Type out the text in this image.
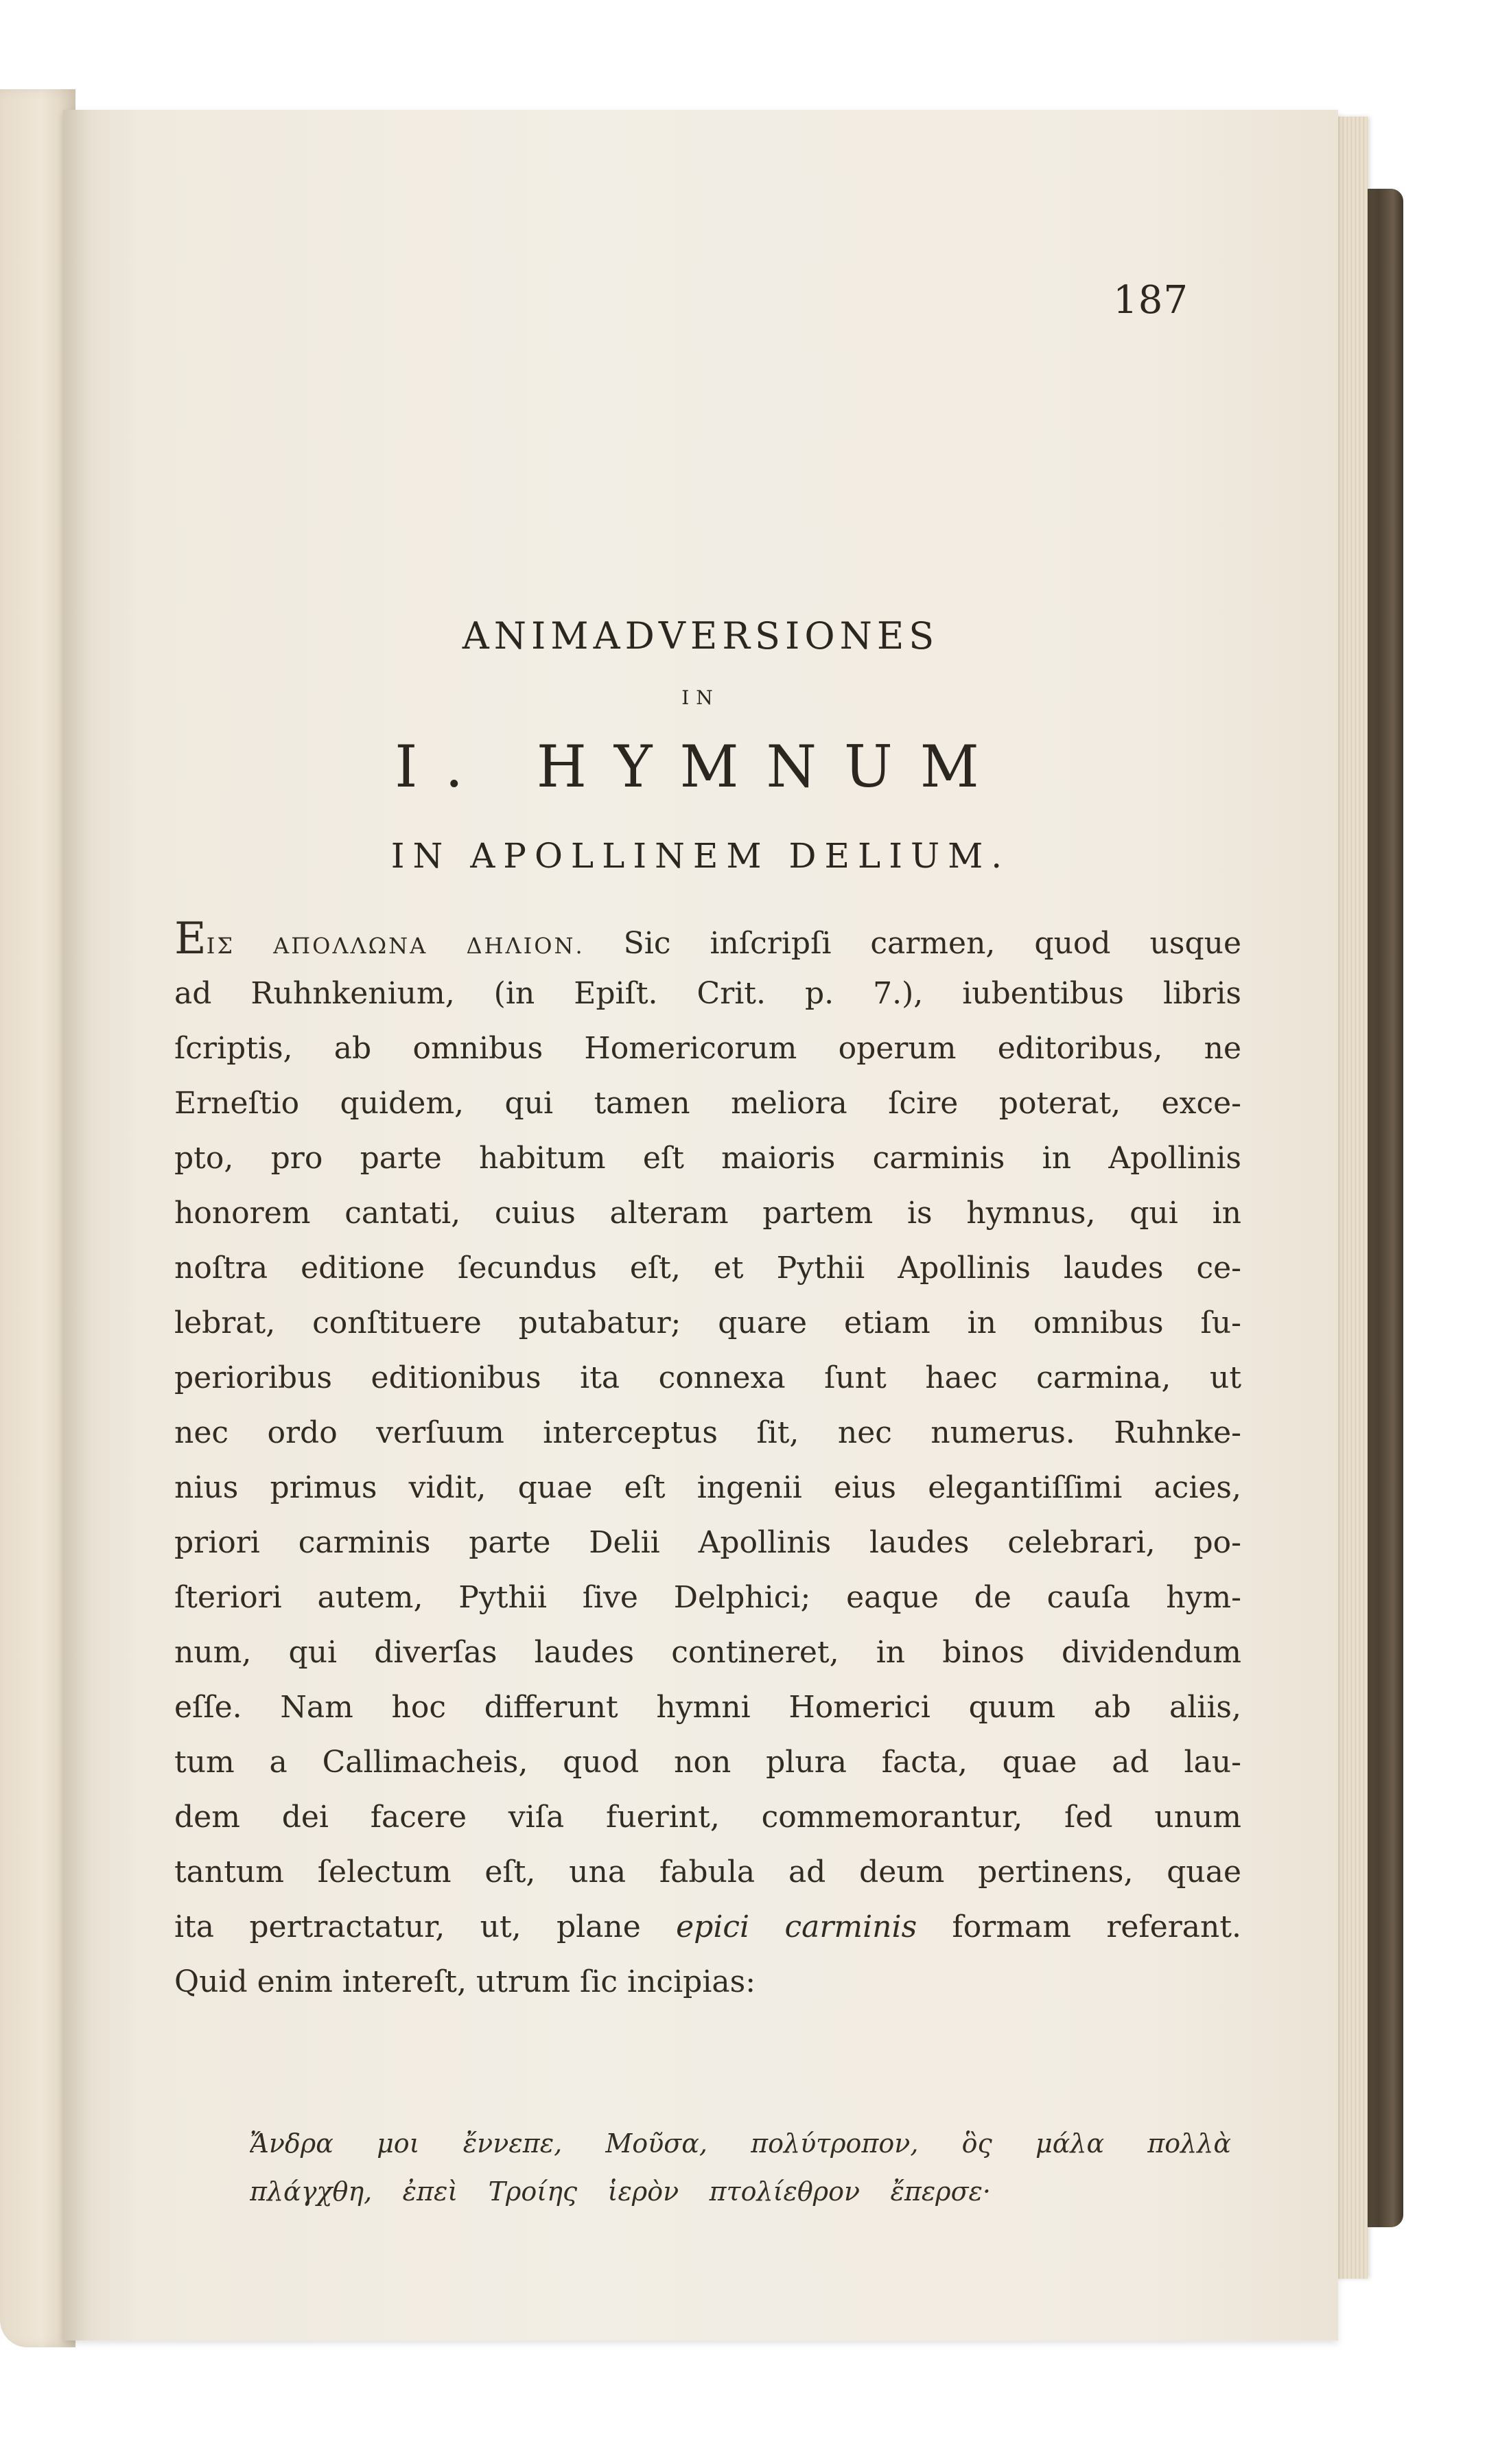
187
ANIMADVERSIONES
IN
I. HYMNUM
IN APOLLINEM DELIUM.
EΙΣ ΑΠΟΛΛΩΝΑ ΔΗΛΙΟΝ. Sic inſcripſi carmen, quod usque
ad Ruhnkenium, (in Epiſt. Crit. p. 7.), iubentibus libris
ſcriptis, ab omnibus Homericorum operum editoribus, ne
Erneſtio quidem, qui tamen meliora ſcire poterat, exce-
pto, pro parte habitum eſt maioris carminis in Apollinis
honorem cantati, cuius alteram partem is hymnus, qui in
noſtra editione ſecundus eſt, et Pythii Apollinis laudes ce-
lebrat, conſtituere putabatur; quare etiam in omnibus ſu-
perioribus editionibus ita connexa ſunt haec carmina, ut
nec ordo verſuum interceptus ſit, nec numerus. Ruhnke-
nius primus vidit, quae eſt ingenii eius elegantiſſimi acies,
priori carminis parte Delii Apollinis laudes celebrari, po-
ſteriori autem, Pythii ſive Delphici; eaque de cauſa hym-
num, qui diverſas laudes contineret, in binos dividendum
eſſe. Nam hoc differunt hymni Homerici quum ab aliis,
tum a Callimacheis, quod non plura facta, quae ad lau-
dem dei facere viſa fuerint, commemorantur, ſed unum
tantum ſelectum eſt, una fabula ad deum pertinens, quae
ita pertractatur, ut, plane epici carminis formam referant.
Quid enim intereſt, utrum ſic incipias:
Ἄνδρα μοι ἔννεπε, Μοῦσα, πολύτροπον, ὃς μάλα πολλὰ
πλάγχθη, ἐπεὶ Τροίης ἱερὸν πτολίεθρον ἔπερσε·
